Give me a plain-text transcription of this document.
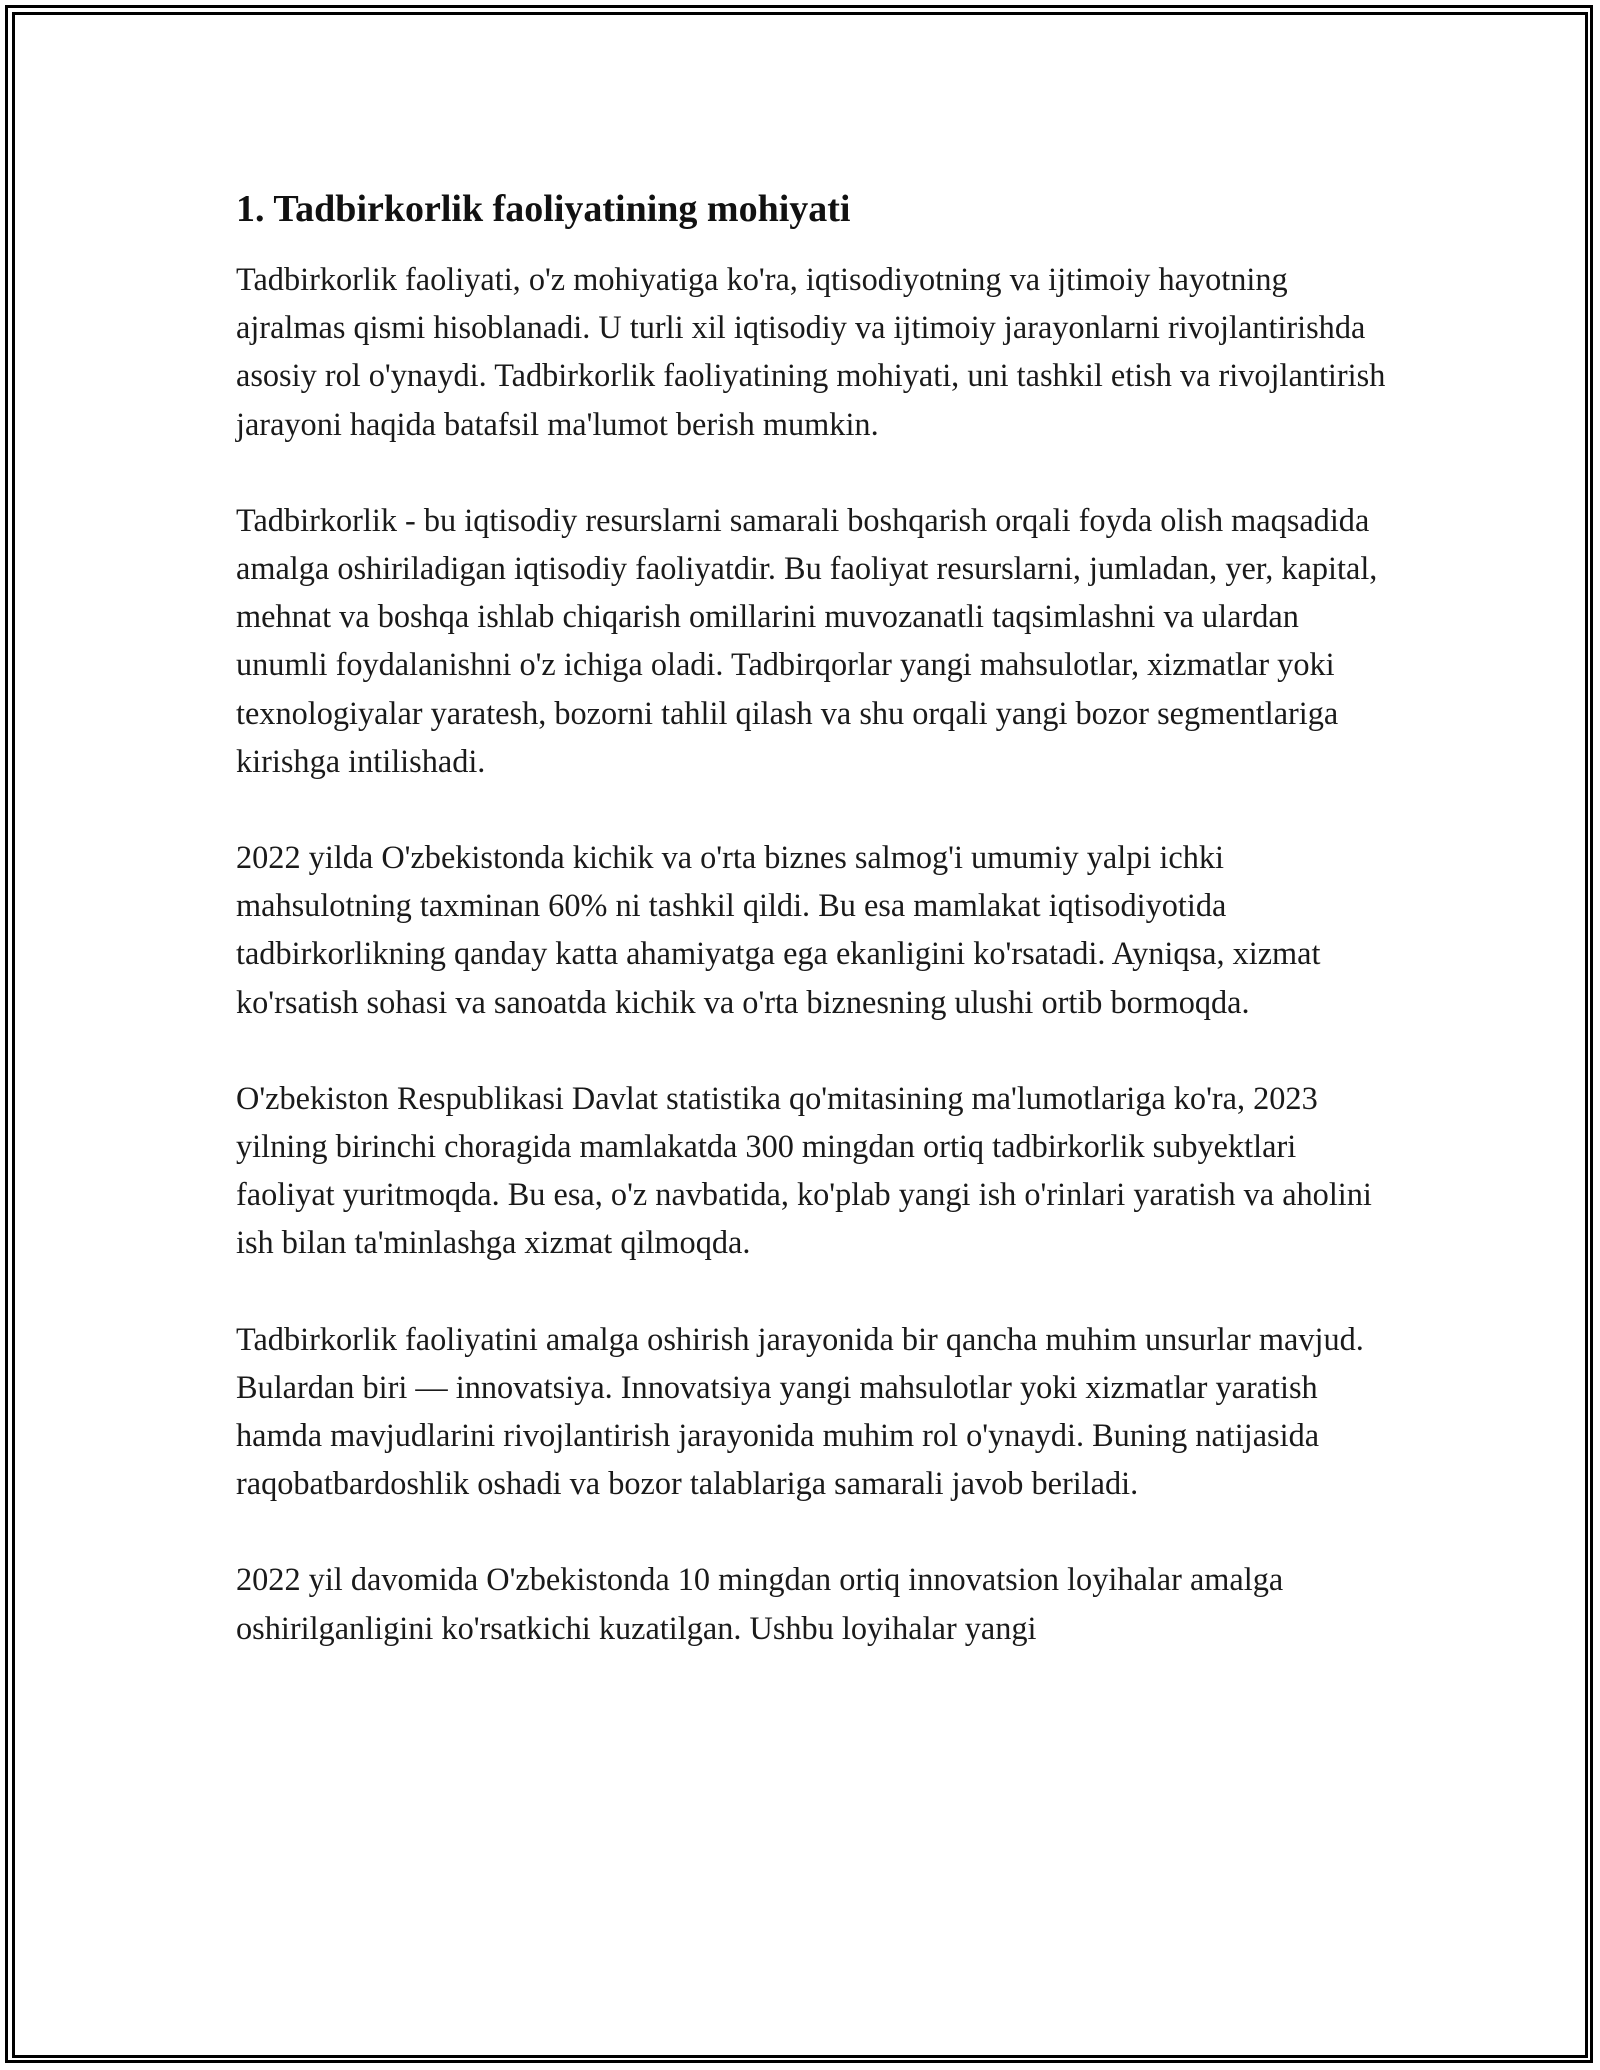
1. Tadbirkorlik faoliyatining mohiyati

Tadbirkorlik faoliyati, o'z mohiyatiga ko'ra, iqtisodiyotning va ijtimoiy hayotning ajralmas qismi hisoblanadi. U turli xil iqtisodiy va ijtimoiy jarayonlarni rivojlantirishda asosiy rol o'ynaydi. Tadbirkorlik faoliyatining mohiyati, uni tashkil etish va rivojlantirish jarayoni haqida batafsil ma'lumot berish mumkin.

Tadbirkorlik - bu iqtisodiy resurslarni samarali boshqarish orqali foyda olish maqsadida amalga oshiriladigan iqtisodiy faoliyatdir. Bu faoliyat resurslarni, jumladan, yer, kapital, mehnat va boshqa ishlab chiqarish omillarini muvozanatli taqsimlashni va ulardan unumli foydalanishni o'z ichiga oladi. Tadbirqorlar yangi mahsulotlar, xizmatlar yoki texnologiyalar yaratesh, bozorni tahlil qilash va shu orqali yangi bozor segmentlariga kirishga intilishadi.

2022 yilda O'zbekistonda kichik va o'rta biznes salmog'i umumiy yalpi ichki mahsulotning taxminan 60% ni tashkil qildi. Bu esa mamlakat iqtisodiyotida tadbirkorlikning qanday katta ahamiyatga ega ekanligini ko'rsatadi. Ayniqsa, xizmat ko'rsatish sohasi va sanoatda kichik va o'rta biznesning ulushi ortib bormoqda.

O'zbekiston Respublikasi Davlat statistika qo'mitasining ma'lumotlariga ko'ra, 2023 yilning birinchi choragida mamlakatda 300 mingdan ortiq tadbirkorlik subyektlari faoliyat yuritmoqda. Bu esa, o'z navbatida, ko'plab yangi ish o'rinlari yaratish va aholini ish bilan ta'minlashga xizmat qilmoqda.

Tadbirkorlik faoliyatini amalga oshirish jarayonida bir qancha muhim unsurlar mavjud. Bulardan biri — innovatsiya. Innovatsiya yangi mahsulotlar yoki xizmatlar yaratish hamda mavjudlarini rivojlantirish jarayonida muhim rol o'ynaydi. Buning natijasida raqobatbardoshlik oshadi va bozor talablariga samarali javob beriladi.

2022 yil davomida O'zbekistonda 10 mingdan ortiq innovatsion loyihalar amalga oshirilganligini ko'rsatkichi kuzatilgan. Ushbu loyihalar yangi
